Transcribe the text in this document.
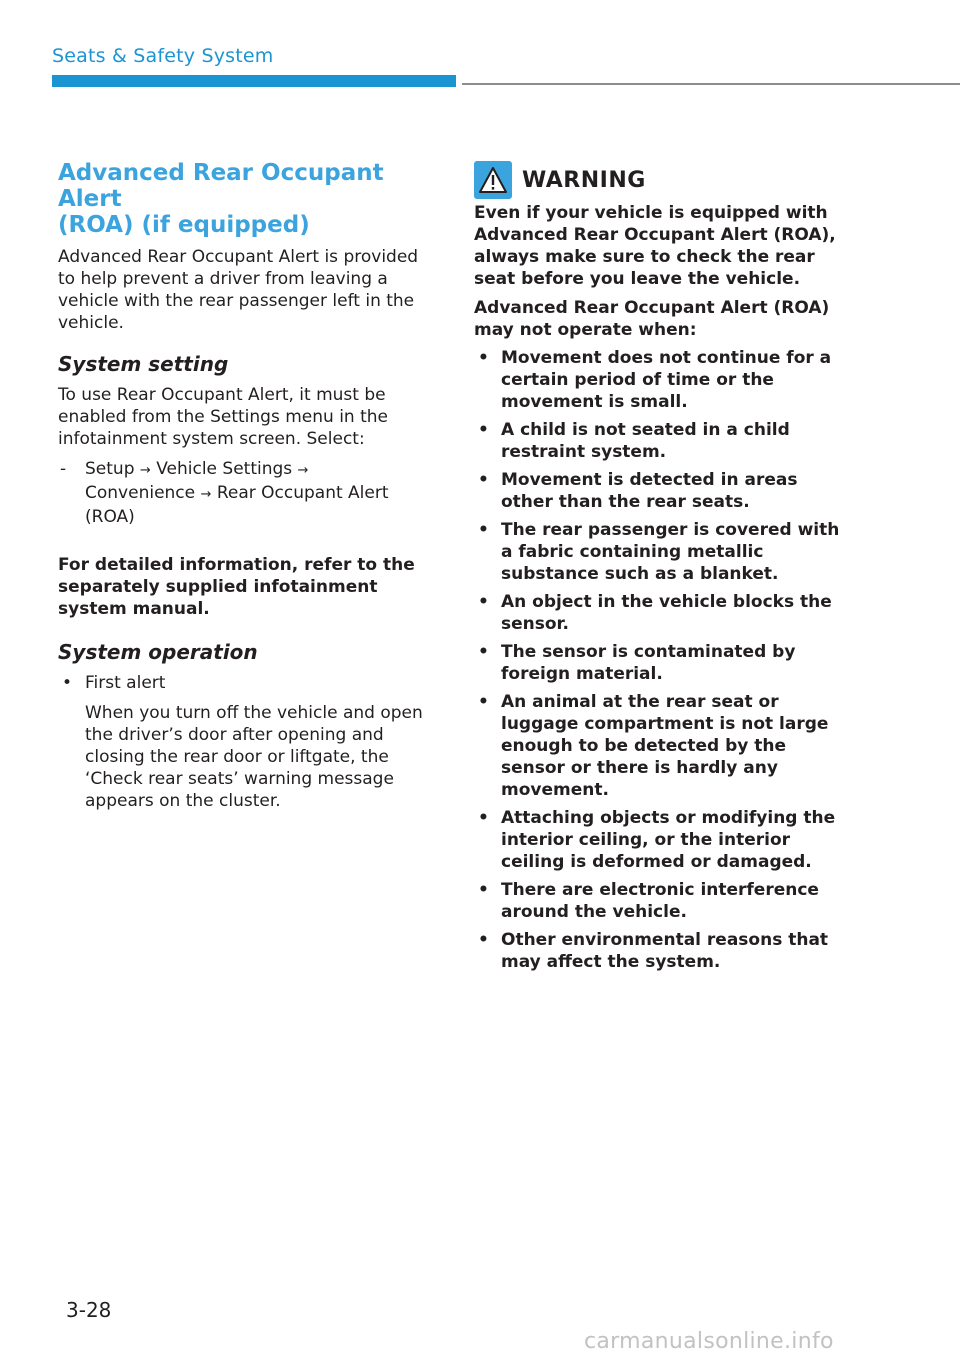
Seats & Safety System
Advanced Rear Occupant Alert
(ROA) (if equipped)

Advanced Rear Occupant Alert is provided to help prevent a driver from leaving a vehicle with the rear passenger left in the vehicle.

System setting

To use Rear Occupant Alert, it must be enabled from the Settings menu in the infotainment system screen. Select:

- Setup → Vehicle Settings →
Convenience → Rear Occupant Alert (ROA)

For detailed information, refer to the separately supplied infotainment system manual.

System operation
• First alert

When you turn off the vehicle and open the driver’s door after opening and closing the rear door or liftgate, the ‘Check rear seats’ warning message appears on the cluster.

WARNING

Even if your vehicle is equipped with Advanced Rear Occupant Alert (ROA), always make sure to check the rear seat before you leave the vehicle.

Advanced Rear Occupant Alert (ROA) may not operate when:

• Movement does not continue for a certain period of time or the movement is small.
• A child is not seated in a child restraint system.
• Movement is detected in areas other than the rear seats.
• The rear passenger is covered with a fabric containing metallic substance such as a blanket.
• An object in the vehicle blocks the sensor.
• The sensor is contaminated by foreign material.
• An animal at the rear seat or luggage compartment is not large enough to be detected by the sensor or there is hardly any movement.
• Attaching objects or modifying the interior ceiling, or the interior ceiling is deformed or damaged.
• There are electronic interference around the vehicle.
• Other environmental reasons that may affect the system.
3-28
carmanualsonline.info
